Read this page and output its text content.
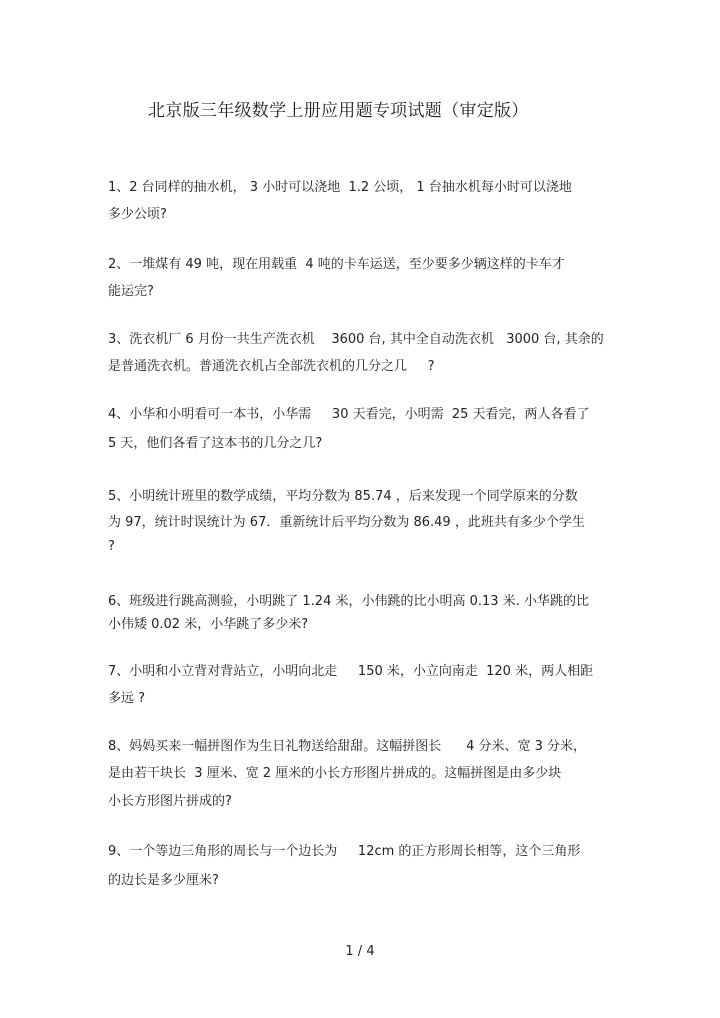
北京版三年级数学上册应用题专项试题（审定版）
1、2 台同样的抽水机， 3 小时可以浇地  1.2 公顷， 1 台抽水机每小时可以浇地
多少公顷?
2、一堆煤有 49 吨，现在用载重  4 吨的卡车运送，至少要多少辆这样的卡车才
能运完?
3、洗衣机厂 6 月份一共生产洗衣机    3600 台, 其中全自动洗衣机   3000 台, 其余的
是普通洗衣机。普通洗衣机占全部洗衣机的几分之几     ?
4、小华和小明看可一本书，小华需     30 天看完，小明需  25 天看完，两人各看了
5 天，他们各看了这本书的几分之几?
5、小明统计班里的数学成绩，平均分数为 85.74 ，后来发现一个同学原来的分数
为 97，统计时误统计为 67．重新统计后平均分数为 86.49 ，此班共有多少个学生
?
6、班级进行跳高测验，小明跳了 1.24 米，小伟跳的比小明高 0.13 米. 小华跳的比
小伟矮 0.02 米，小华跳了多少米?
7、小明和小立背对背站立，小明向北走     150 米，小立向南走  120 米，两人相距
多远 ?
8、妈妈买来一幅拼图作为生日礼物送给甜甜。这幅拼图长      4 分米、宽 3 分米，
是由若干块长  3 厘米、宽 2 厘米的小长方形图片拼成的。这幅拼图是由多少块
小长方形图片拼成的?
9、一个等边三角形的周长与一个边长为     12cm 的正方形周长相等，这个三角形
的边长是多少厘米?
1 / 4
